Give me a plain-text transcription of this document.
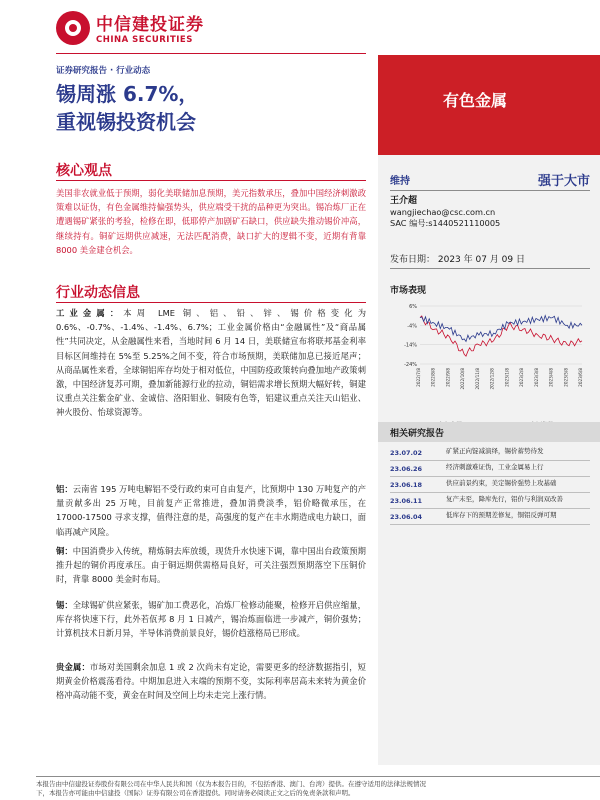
中信建投证券
CHINA SECURITIES
有色金属
证券研究报告 · 行业动态
锡周涨 6.7%，
重视锡投资机会
核心观点
美国非农就业低于预期，弱化美联储加息预期，美元指数承压，叠加中国经济刺激政策难以证伪，有色金属维持偏强势头，供应端受干扰的品种更为突出。锡冶炼厂正在遭遇锡矿紧张的考验，检修在即，低耶停产加剧矿石缺口，供应缺失推动锡价冲高，继续持有。铜矿远期供应减速，无法匹配消费，缺口扩大的逻辑不变，近期有背靠 8000 美金建仓机会。
行业动态信息
工业金属：本周 LME 铜、铝、铅、锌、锡价格变化为 0.6%、-0.7%、-1.4%、-1.4%、6.7%；工业金属价格由“金融属性”及“商品属性”共同决定，从金融属性来看，当地时间 6 月 14 日，美联储宣布将联邦基金利率目标区间维持在 5%至 5.25%之间不变，符合市场预期，美联储加息已接近尾声；从商品属性来看，全球铜铝库存均处于相对低位，中国防疫政策转向叠加地产政策刺激，中国经济复苏可期，叠加新能源行业的拉动，铜铝需求增长预期大幅好转，铜建议重点关注紫金矿业、金诚信、洛阳钼业、铜陵有色等，铝建议重点关注天山铝业、神火股份、怡球资源等。
铝：云南省 195 万吨电解铝不受行政约束可自由复产，比预期中 130 万吨复产的产量贡献多出 25 万吨，目前复产正常推进，叠加消费淡季，铝价略微承压，在 17000-17500 寻求支撑，值得注意的是，高强度的复产在丰水期造成电力缺口，面临再减产风险。
铜：中国消费步入传统，精炼铜去库放缓，现货升水快速下调，靠中国出台政策预期推升起的铜价再度承压。由于铜远期供需格局良好，可关注强烈预期落空下压铜价时，背靠 8000 美金时布局。
锡：全球锡矿供应紧张，锡矿加工费恶化，冶炼厂检修动能聚，检修开启供应缩量，库存将快速下行，此外若佤邦 8 月 1 日减产，锡冶炼面临进一步减产，铜价强势；计算机技术日新月异，半导体消费前景良好，锡价趋涨格局已形成。
贵金属：市场对美国剩余加息 1 或 2 次尚未有定论，需要更多的经济数据指引，短期黄金价格震荡看待。中期加息进入末端的预期不变，实际利率居高未来转为黄金价格冲高动能不变，黄金在时间及空间上均未走完上涨行情。
维持	强于大市
王介超
wangjiechao@csc.com.cn
SAC 编号:s1440521110005
发布日期： 2023 年 07 月 09 日
市场表现
6%
-4%
-14%
-24%
2022/7/8 2022/8/8 2022/9/8 2022/10/8 2022/11/8 2022/12/8 2023/1/8 2023/2/8 2023/3/8 2023/4/8 2023/5/8 2023/6/8
相关研究报告
23.07.02	矿紧正向锭减演绎，锡价蓄势待发
23.06.26	经济刺激难证伪，工业金属易上行
23.06.18	供应前景约束，美定锡价强势上攻基础
23.06.11	复产未至，降库先行，铝价与利润双改善
23.06.04	低库存下的预期差修复，铜铝反弹可期
本报告由中信建投证券股份有限公司在中华人民共和国（仅为本报告目的，不包括香港、澳门、台湾）提供。在遵守适用的法律法规情况
下，本报告亦可能由中信建投（国际）证券有限公司在香港提供。同时请务必阅读正文之后的免责条款和声明。
